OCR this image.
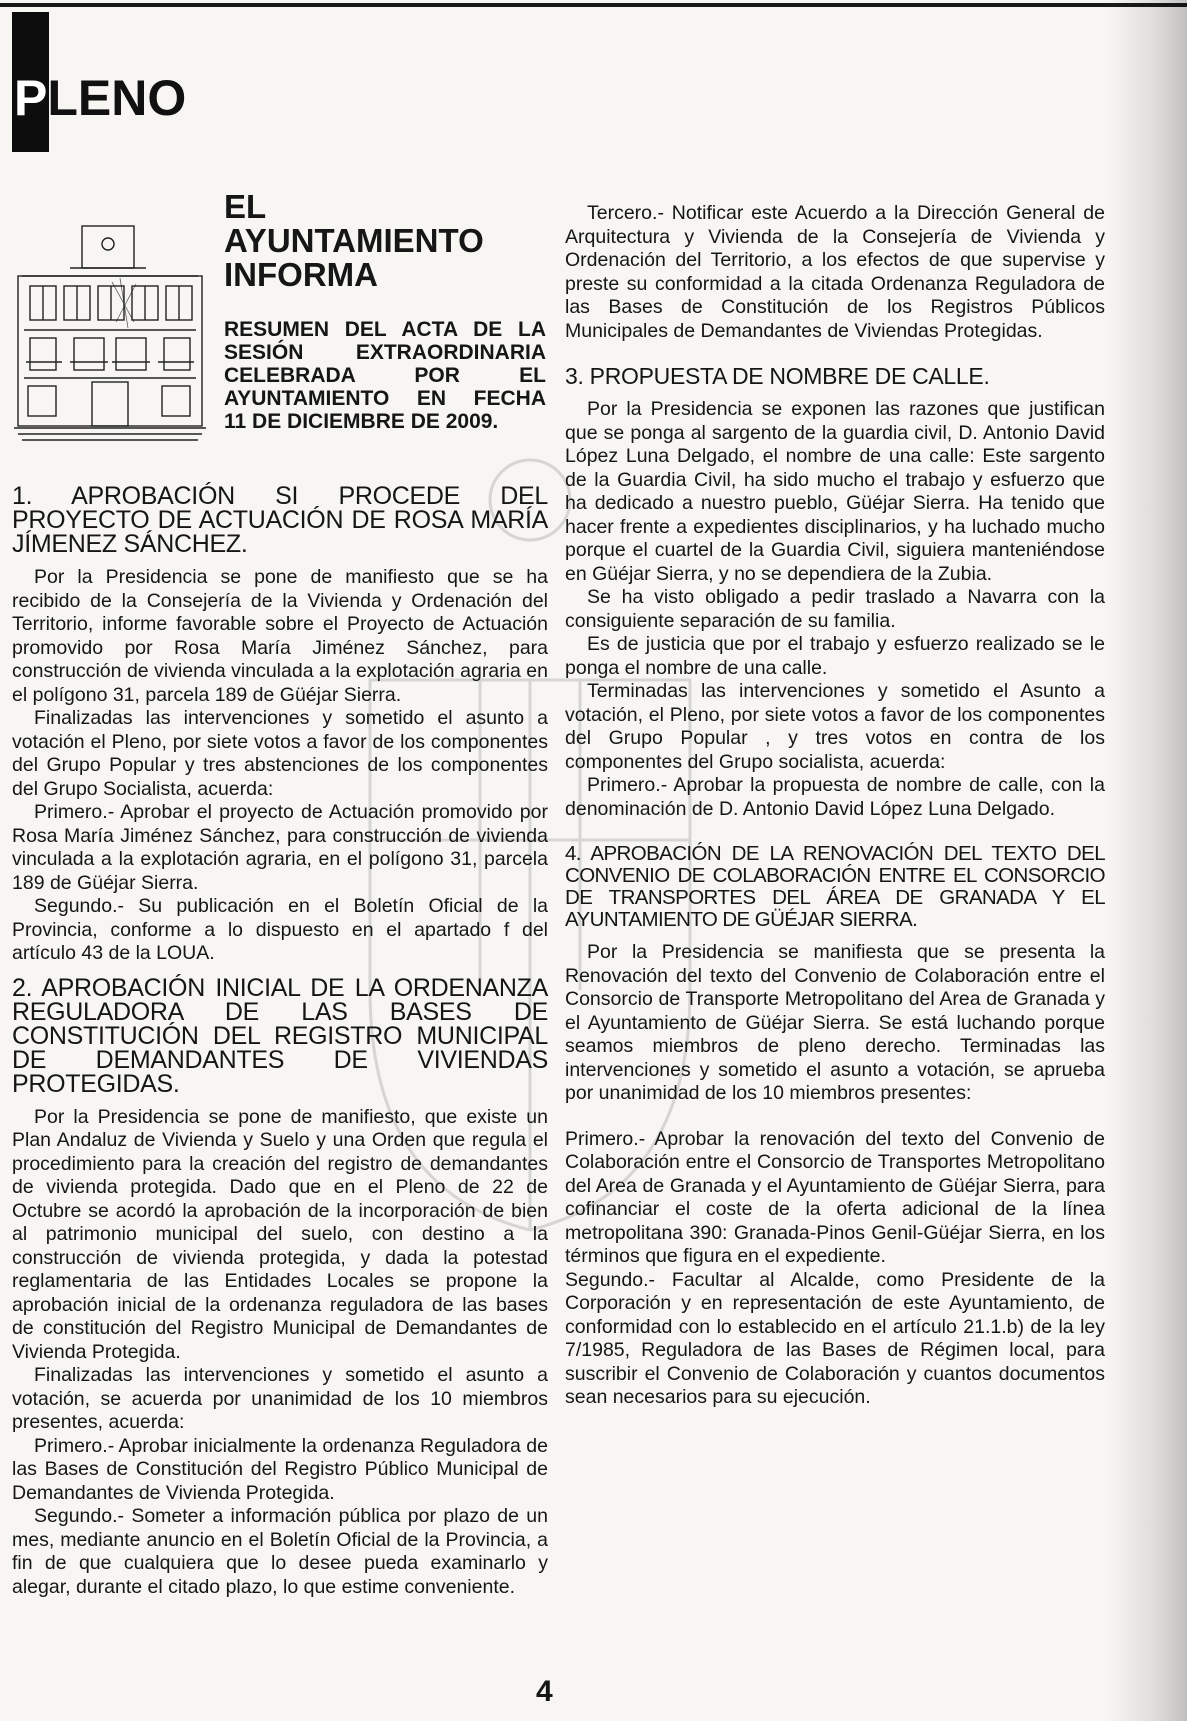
PLENO
EL
AYUNTAMIENTO
INFORMA
RESUMEN DEL ACTA DE LA
SESIÓN EXTRAORDINARIA
CELEBRADA POR EL
AYUNTAMIENTO EN FECHA
11 DE DICIEMBRE DE 2009.
1. APROBACIÓN SI PROCEDE DEL PROYECTO DE ACTUACIÓN DE ROSA MARÍA JÍMENEZ SÁNCHEZ.

Por la Presidencia se pone de manifiesto que se ha recibido de la Consejería de la Vivienda y Ordenación del Territorio, informe favorable sobre el Proyecto de Actuación promovido por Rosa María Jiménez Sánchez, para construcción de vivienda vinculada a la explotación agraria en el polígono 31, parcela 189 de Güéjar Sierra.

Finalizadas las intervenciones y sometido el asunto a votación el Pleno, por siete votos a favor de los componentes del Grupo Popular y tres abstenciones de los componentes del Grupo Socialista, acuerda:

Primero.- Aprobar el proyecto de Actuación promovido por Rosa María Jiménez Sánchez, para construcción de vivienda vinculada a la explotación agraria, en el polígono 31, parcela 189 de Güéjar Sierra.

Segundo.- Su publicación en el Boletín Oficial de la Provincia, conforme a lo dispuesto en el apartado f del artículo 43 de la LOUA.

2. APROBACIÓN INICIAL DE LA ORDENANZA REGULADORA DE LAS BASES DE CONSTITUCIÓN DEL REGISTRO MUNICIPAL DE DEMANDANTES DE VIVIENDAS PROTEGIDAS.

Por la Presidencia se pone de manifiesto, que existe un Plan Andaluz de Vivienda y Suelo y una Orden que regula el procedimiento para la creación del registro de demandantes de vivienda protegida. Dado que en el Pleno de 22 de Octubre se acordó la aprobación de la incorporación de bien al patrimonio municipal del suelo, con destino a la construcción de vivienda protegida, y dada la potestad reglamentaria de las Entidades Locales se propone la aprobación inicial de la ordenanza reguladora de las bases de constitución del Registro Municipal de Demandantes de Vivienda Protegida.

Finalizadas las intervenciones y sometido el asunto a votación, se acuerda por unanimidad de los 10 miembros presentes, acuerda:

Primero.- Aprobar inicialmente la ordenanza Reguladora de las Bases de Constitución del Registro Público Municipal de Demandantes de Vivienda Protegida.

Segundo.- Someter a información pública por plazo de un mes, mediante anuncio en el Boletín Oficial de la Provincia, a fin de que cualquiera que lo desee pueda examinarlo y alegar, durante el citado plazo, lo que estime conveniente.

Tercero.- Notificar este Acuerdo a la Dirección General de Arquitectura y Vivienda de la Consejería de Vivienda y Ordenación del Territorio, a los efectos de que supervise y preste su conformidad a la citada Ordenanza Reguladora de las Bases de Constitución de los Registros Públicos Municipales de Demandantes de Viviendas Protegidas.

3. PROPUESTA DE NOMBRE DE CALLE.

Por la Presidencia se exponen las razones que justifican que se ponga al sargento de la guardia civil, D. Antonio David López Luna Delgado, el nombre de una calle: Este sargento de la Guardia Civil, ha sido mucho el trabajo y esfuerzo que ha dedicado a nuestro pueblo, Güéjar Sierra. Ha tenido que hacer frente a expedientes disciplinarios, y ha luchado mucho porque el cuartel de la Guardia Civil, siguiera manteniéndose en Güéjar Sierra, y no se dependiera de la Zubia.

Se ha visto obligado a pedir traslado a Navarra con la consiguiente separación de su familia.

Es de justicia que por el trabajo y esfuerzo realizado se le ponga el nombre de una calle.

Terminadas las intervenciones y sometido el Asunto a votación, el Pleno, por siete votos a favor de los componentes del Grupo Popular , y tres votos en contra de los componentes del Grupo socialista, acuerda:

Primero.- Aprobar la propuesta de nombre de calle, con la denominación de D. Antonio David López Luna Delgado.

4. APROBACIÓN DE LA RENOVACIÓN DEL TEXTO DEL CONVENIO DE COLABORACIÓN ENTRE EL CONSORCIO DE TRANSPORTES DEL ÁREA DE GRANADA Y EL AYUNTAMIENTO DE GÜÉJAR SIERRA.

Por la Presidencia se manifiesta que se presenta la Renovación del texto del Convenio de Colaboración entre el Consorcio de Transporte Metropolitano del Area de Granada y el Ayuntamiento de Güéjar Sierra. Se está luchando porque seamos miembros de pleno derecho. Terminadas las intervenciones y sometido el asunto a votación, se aprueba por unanimidad de los 10 miembros presentes:

Primero.- Aprobar la renovación del texto del Convenio de Colaboración entre el Consorcio de Transportes Metropolitano del Area de Granada y el Ayuntamiento de Güéjar Sierra, para cofinanciar el coste de la oferta adicional de la línea metropolitana 390: Granada-Pinos Genil-Güéjar Sierra, en los términos que figura en el expediente.

Segundo.- Facultar al Alcalde, como Presidente de la Corporación y en representación de este Ayuntamiento, de conformidad con lo establecido en el artículo 21.1.b) de la ley 7/1985, Reguladora de las Bases de Régimen local, para suscribir el Convenio de Colaboración y cuantos documentos sean necesarios para su ejecución.

4
